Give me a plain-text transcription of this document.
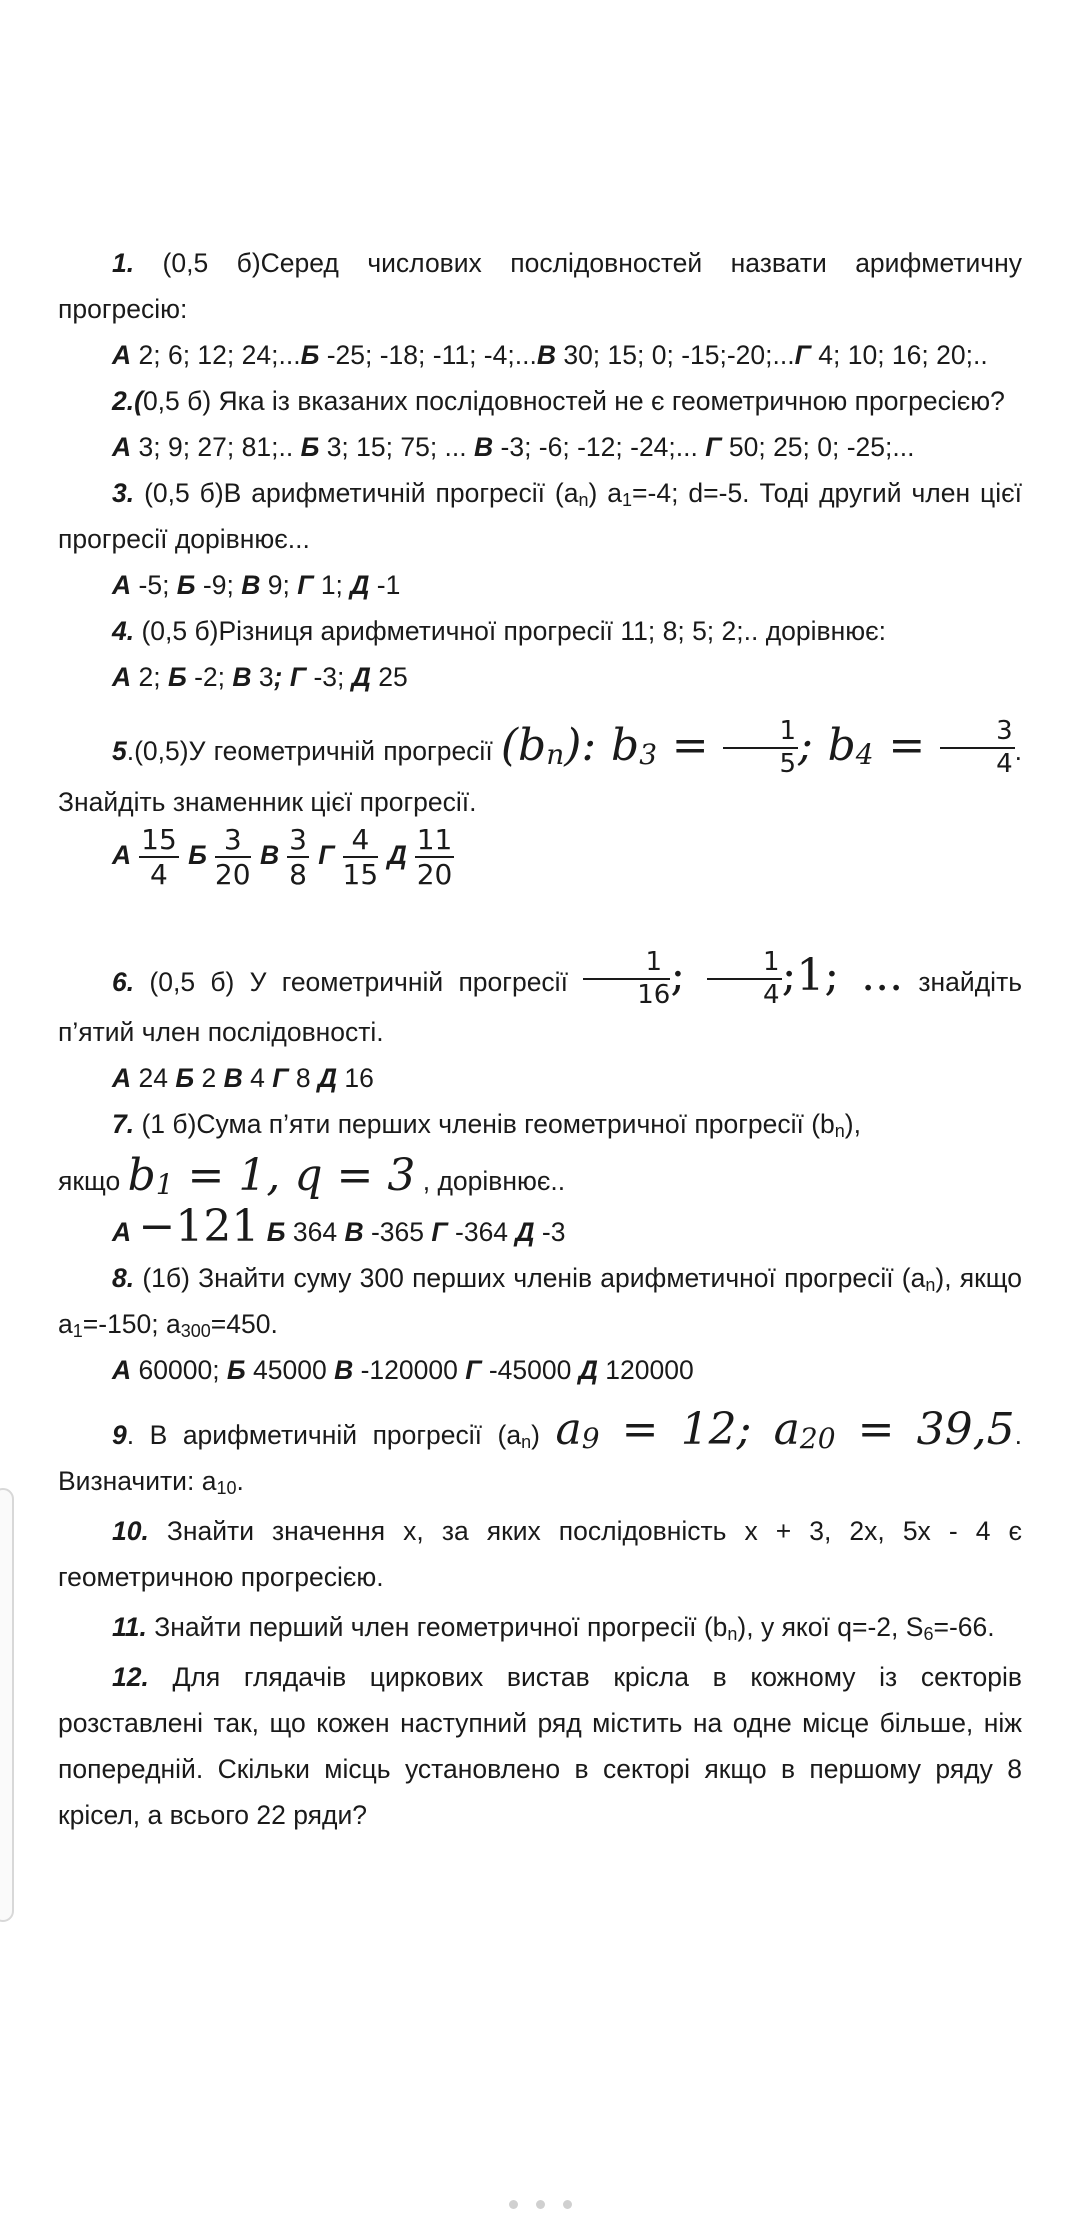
1. (0,5 б)Серед числових послідовностей назвати арифметичну прогресію:

А 2; 6; 12; 24;...Б -25; -18; -11; -4;...В 30; 15; 0; -15;-20;...Г 4; 10; 16; 20;..

2.(0,5 б) Яка із вказаних послідовностей не є геометричною прогресією?

А 3; 9; 27; 81;.. Б 3; 15; 75; ... В -3; -6; -12; -24;... Г 50; 25; 0; -25;...

3. (0,5 б)В арифметичній прогресії $(a_n)$ $a_1=-4$; d=-5. Тоді другий член цієї прогресії дорівнює...

А -5; Б -9; В 9; Г 1; Д -1

4. (0,5 б)Різниця арифметичної прогресії 11; 8; 5; 2;.. дорівнює:

А 2; Б -2; В 3; Г -3; Д 25

5.(0,5)У геометричній прогресії $(b_n)$: $b_3 = \frac{1}{5}$ ; $b_4 = \frac{3}{4}$ . Знайдіть знаменник цієї прогресії.

А $\frac{15}{4}$ Б $\frac{3}{20}$ В $\frac{3}{8}$ Г $\frac{4}{15}$ Д $\frac{11}{20}$

6. (0,5 б) У геометричній прогресії $\frac{1}{16}$ ; $\frac{1}{4}$ ;1; ... знайдіть п’ятий член послідовності.

А 24 Б 2 В 4 Г 8 Д 16

7. (1 б)Сума п’яти перших членів геометричної прогресії $(b_n)$,

якщо $b_1 = 1$, q = 3 , дорівнює..

А −121 Б 364 В -365 Г -364 Д -3

8. (1б) Знайти суму 300 перших членів арифметичної прогресії $(a_n)$, якщо $a_1=-150$; $a_{300}=450$.

А 60000; Б 45000 В -120000 Г -45000 Д 120000

9. В арифметичній прогресії $(a_n) a_9 = 12$; $a_{20} = 39,5$. Визначити: $a_{10}$.

10. Знайти значення х, за яких послідовність х + 3, 2х, 5х - 4 є геометричною прогресією.

11. Знайти перший член геометричної прогресії $(b_n)$, у якої q=-2, $S_6=-66$.

12. Для глядачів циркових вистав крісла в кожному із секторів розставлені так, що кожен наступний ряд містить на одне місце більше, ніж попередній. Скільки місць установлено в секторі якщо в першому ряду 8 крісел, а всього 22 ряди?
